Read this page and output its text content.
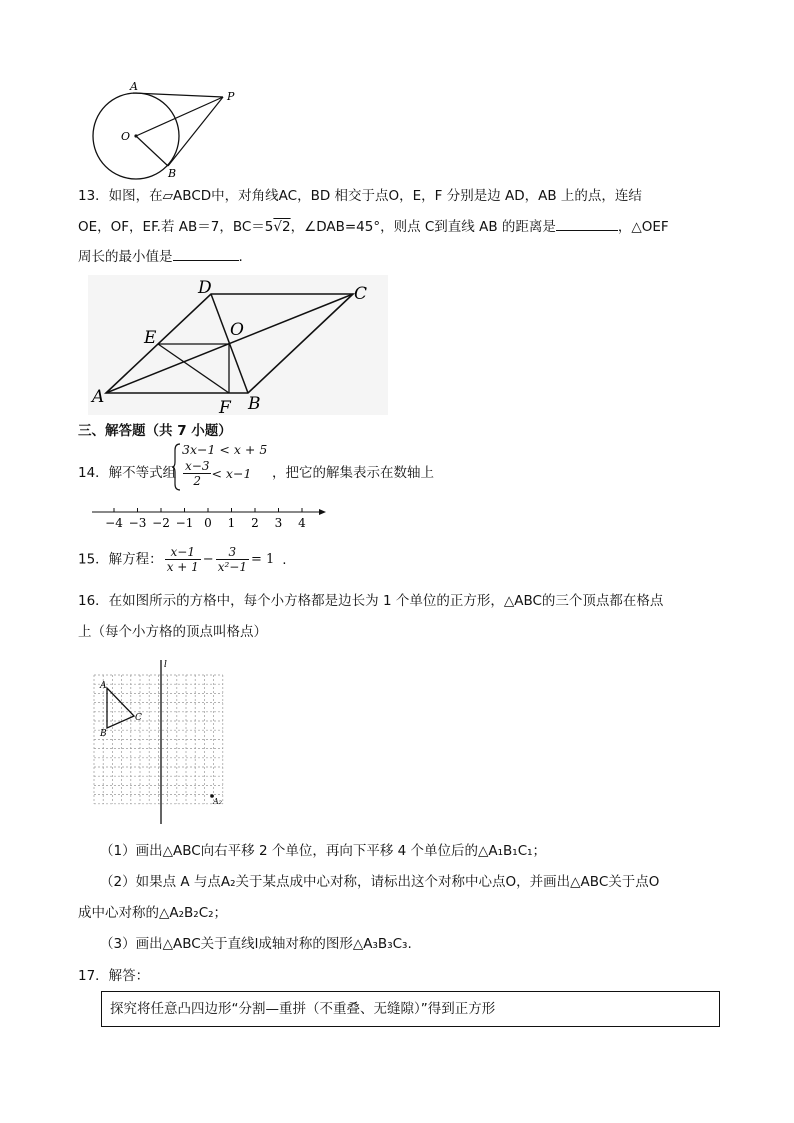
A
P
O
B
13．如图，在▱ABCD中，对角线AC，BD 相交于点O，E，F 分别是边 AD，AB 上的点，连结
OE，OF，EF.若 AB＝7，BC＝5√2，∠DAB=45°，则点 C到直线 AB 的距离是	，△OEF
周长的最小值是	.
D	C
E	O
A
F B
三、解答题（共 7 小题）
14．解不等式组
3x−1 < x + 5
$\frac{x-3}{2} < x-1$ ，把它的解集表示在数轴上
−4 −3 −2 −1 0 1 2 3 4
15．解方程： $\frac{x-1}{x + 1} - \frac{3}{\text{x²−1}} = 1$ .
16．在如图所示的方格中，每个小方格都是边长为 1 个单位的正方形，△ABC的三个顶点都在格点
上（每个小方格的顶点叫格点）
l
A
B
C
A₂
（1）画出△ABC向右平移 2 个单位，再向下平移 4 个单位后的△A₁B₁C₁；
（2）如果点 A 与点A₂关于某点成中心对称，请标出这个对称中心点O，并画出△ABC关于点O
成中心对称的△A₂B₂C₂；
（3）画出△ABC关于直线l成轴对称的图形△A₃B₃C₃.
17．解答：
探究将任意凸四边形“分割—重拼（不重叠、无缝隙）”得到正方形
